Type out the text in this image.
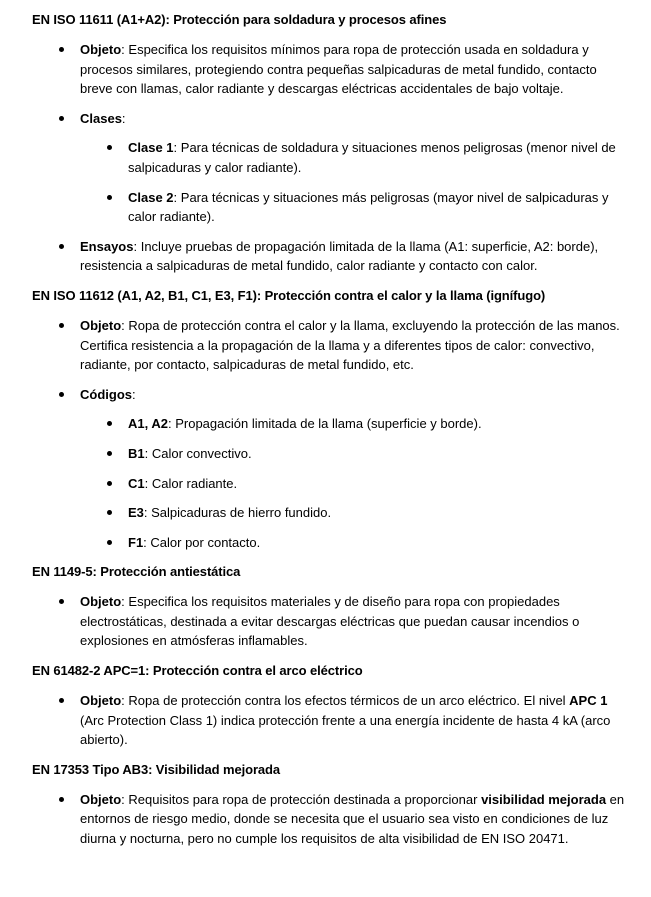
EN ISO 11611 (A1+A2): Protección para soldadura y procesos afines
Objeto: Especifica los requisitos mínimos para ropa de protección usada en soldadura y procesos similares, protegiendo contra pequeñas salpicaduras de metal fundido, contacto breve con llamas, calor radiante y descargas eléctricas accidentales de bajo voltaje.
Clases:
Clase 1: Para técnicas de soldadura y situaciones menos peligrosas (menor nivel de salpicaduras y calor radiante).
Clase 2: Para técnicas y situaciones más peligrosas (mayor nivel de salpicaduras y calor radiante).
Ensayos: Incluye pruebas de propagación limitada de la llama (A1: superficie, A2: borde), resistencia a salpicaduras de metal fundido, calor radiante y contacto con calor.
EN ISO 11612 (A1, A2, B1, C1, E3, F1): Protección contra el calor y la llama (ignífugo)
Objeto: Ropa de protección contra el calor y la llama, excluyendo la protección de las manos. Certifica resistencia a la propagación de la llama y a diferentes tipos de calor: convectivo, radiante, por contacto, salpicaduras de metal fundido, etc.
Códigos:
A1, A2: Propagación limitada de la llama (superficie y borde).
B1: Calor convectivo.
C1: Calor radiante.
E3: Salpicaduras de hierro fundido.
F1: Calor por contacto.
EN 1149-5: Protección antiestática
Objeto: Especifica los requisitos materiales y de diseño para ropa con propiedades electrostáticas, destinada a evitar descargas eléctricas que puedan causar incendios o explosiones en atmósferas inflamables.
EN 61482-2 APC=1: Protección contra el arco eléctrico
Objeto: Ropa de protección contra los efectos térmicos de un arco eléctrico. El nivel APC 1 (Arc Protection Class 1) indica protección frente a una energía incidente de hasta 4 kA (arco abierto).
EN 17353 Tipo AB3: Visibilidad mejorada
Objeto: Requisitos para ropa de protección destinada a proporcionar visibilidad mejorada en entornos de riesgo medio, donde se necesita que el usuario sea visto en condiciones de luz diurna y nocturna, pero no cumple los requisitos de alta visibilidad de EN ISO 20471.
